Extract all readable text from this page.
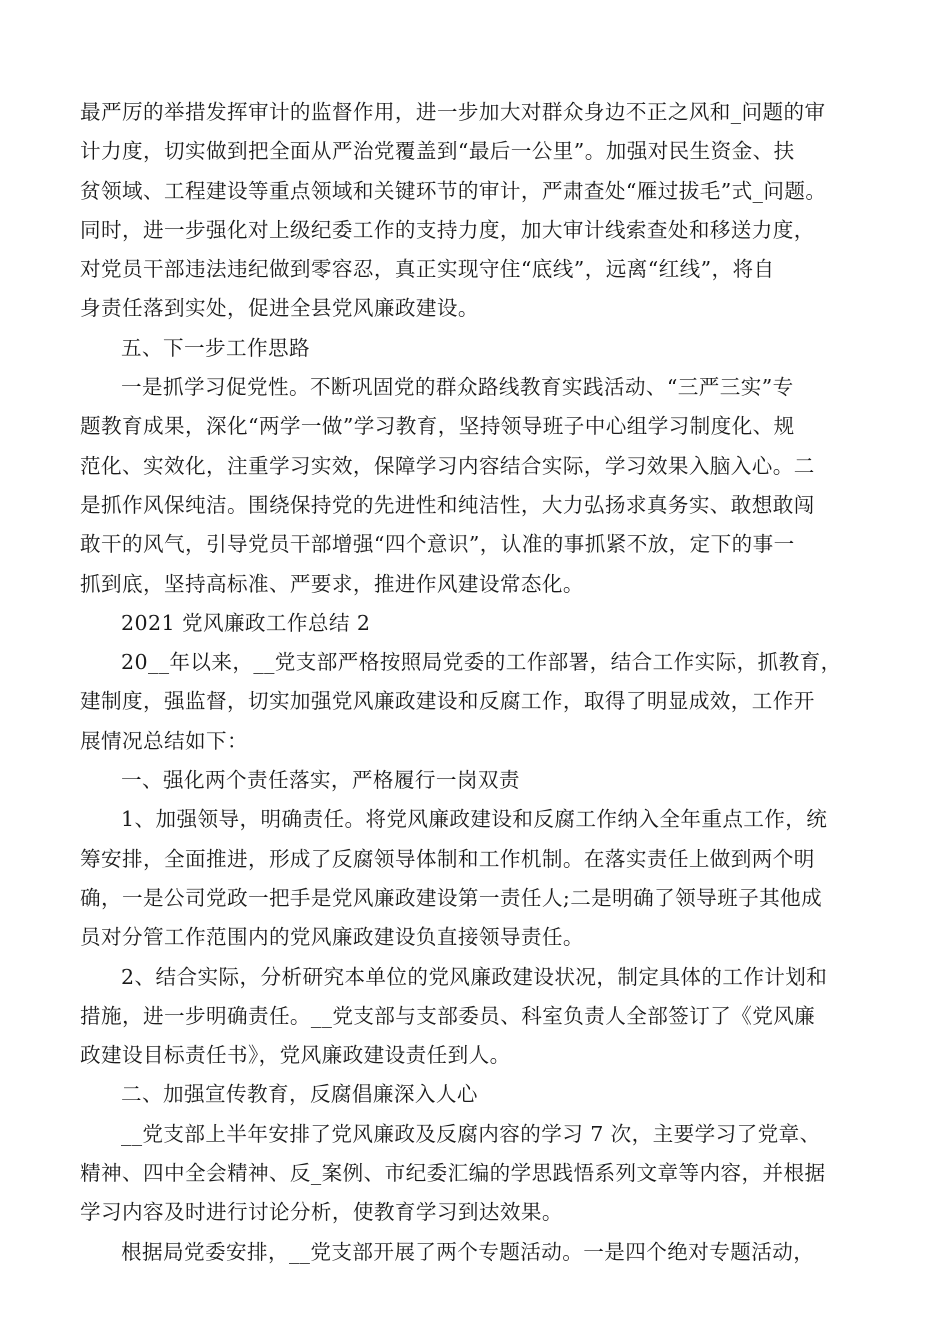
最严厉的举措发挥审计的监督作用，进一步加大对群众身边不正之风和_问题的审
计力度，切实做到把全面从严治党覆盖到“最后一公里”。加强对民生资金、扶
贫领域、工程建设等重点领域和关键环节的审计，严肃查处“雁过拔毛”式_问题。
同时，进一步强化对上级纪委工作的支持力度，加大审计线索查处和移送力度，
对党员干部违法违纪做到零容忍，真正实现守住“底线”，远离“红线”，将自
身责任落到实处，促进全县党风廉政建设。
五、下一步工作思路
一是抓学习促党性。不断巩固党的群众路线教育实践活动、“三严三实”专
题教育成果，深化“两学一做”学习教育，坚持领导班子中心组学习制度化、规
范化、实效化，注重学习实效，保障学习内容结合实际，学习效果入脑入心。二
是抓作风保纯洁。围绕保持党的先进性和纯洁性，大力弘扬求真务实、敢想敢闯
敢干的风气，引导党员干部增强“四个意识”，认准的事抓紧不放，定下的事一
抓到底，坚持高标准、严要求，推进作风建设常态化。
2021 党风廉政工作总结 2
20__年以来，__党支部严格按照局党委的工作部署，结合工作实际，抓教育，
建制度，强监督，切实加强党风廉政建设和反腐工作，取得了明显成效，工作开
展情况总结如下：
一、强化两个责任落实，严格履行一岗双责
1、加强领导，明确责任。将党风廉政建设和反腐工作纳入全年重点工作，统
筹安排，全面推进，形成了反腐领导体制和工作机制。在落实责任上做到两个明
确，一是公司党政一把手是党风廉政建设第一责任人;二是明确了领导班子其他成
员对分管工作范围内的党风廉政建设负直接领导责任。
2、结合实际，分析研究本单位的党风廉政建设状况，制定具体的工作计划和
措施，进一步明确责任。__党支部与支部委员、科室负责人全部签订了《党风廉
政建设目标责任书》，党风廉政建设责任到人。
二、加强宣传教育，反腐倡廉深入人心
__党支部上半年安排了党风廉政及反腐内容的学习 7 次，主要学习了党章、
精神、四中全会精神、反_案例、市纪委汇编的学思践悟系列文章等内容，并根据
学习内容及时进行讨论分析，使教育学习到达效果。
根据局党委安排，__党支部开展了两个专题活动。一是四个绝对专题活动，
